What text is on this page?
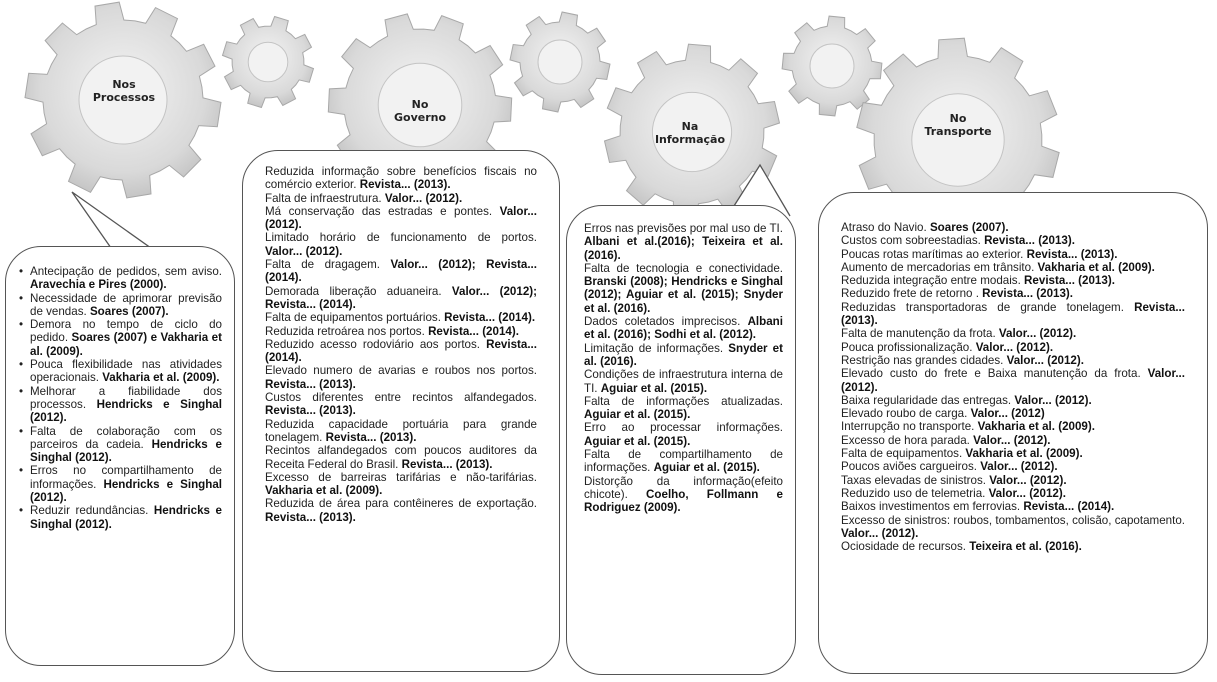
Nos
Processos
No
Governo
Na
Informação
No
Transporte
• Antecipação de pedidos, sem aviso. Aravechia e Pires (2000).
• Necessidade de aprimorar previsão de vendas. Soares (2007).
• Demora no tempo de ciclo do pedido. Soares (2007) e Vakharia et al. (2009).
• Pouca flexibilidade nas atividades operacionais. Vakharia et al. (2009).
• Melhorar a fiabilidade dos processos. Hendricks e Singhal (2012).
• Falta de colaboração com os parceiros da cadeia. Hendricks e Singhal (2012).
• Erros no compartilhamento de informações. Hendricks e Singhal (2012).
• Reduzir redundâncias. Hendricks e Singhal (2012).

Reduzida informação sobre benefícios fiscais no comércio exterior. Revista... (2013).

Falta de infraestrutura. Valor... (2012).

Má conservação das estradas e pontes. Valor... (2012).

Limitado horário de funcionamento de portos. Valor... (2012).

Falta de dragagem. Valor... (2012); Revista... (2014).

Demorada liberação aduaneira. Valor... (2012); Revista... (2014).

Falta de equipamentos portuários. Revista... (2014).

Reduzida retroárea nos portos. Revista... (2014).

Reduzido acesso rodoviário aos portos. Revista... (2014).

Elevado numero de avarias e roubos nos portos. Revista... (2013).

Custos diferentes entre recintos alfandegados. Revista... (2013).

Reduzida capacidade portuária para grande tonelagem. Revista... (2013).

Recintos alfandegados com poucos auditores da Receita Federal do Brasil. Revista... (2013).

Excesso de barreiras tarifárias e não-tarifárias. Vakharia et al. (2009).

Reduzida de área para contêineres de exportação. Revista... (2013).

Erros nas previsões por mal uso de TI. Albani et al.(2016); Teixeira et al. (2016).

Falta de tecnologia e conectividade. Branski (2008); Hendricks e Singhal (2012); Aguiar et al. (2015); Snyder et al. (2016).

Dados coletados imprecisos. Albani et al. (2016); Sodhi et al. (2012).

Limitação de informações. Snyder et al. (2016).

Condições de infraestrutura interna de TI. Aguiar et al. (2015).

Falta de informações atualizadas. Aguiar et al. (2015).

Erro ao processar informações. Aguiar et al. (2015).

Falta de compartilhamento de informações. Aguiar et al. (2015).

Distorção da informação(efeito chicote). Coelho, Follmann e Rodriguez (2009).

Atraso do Navio. Soares (2007).

Custos com sobreestadias. Revista... (2013).

Poucas rotas marítimas ao exterior. Revista... (2013).

Aumento de mercadorias em trânsito. Vakharia et al. (2009).

Reduzida integração entre modais. Revista... (2013).

Reduzido frete de retorno . Revista... (2013).

Reduzidas transportadoras de grande tonelagem. Revista... (2013).

Falta de manutenção da frota. Valor... (2012).

Pouca profissionalização. Valor... (2012).

Restrição nas grandes cidades. Valor... (2012).

Elevado custo do frete e Baixa manutenção da frota. Valor... (2012).

Baixa regularidade das entregas. Valor... (2012).

Elevado roubo de carga. Valor... (2012)

Interrupção no transporte. Vakharia et al. (2009).

Excesso de hora parada. Valor... (2012).

Falta de equipamentos. Vakharia et al. (2009).

Poucos aviões cargueiros. Valor... (2012).

Taxas elevadas de sinistros. Valor... (2012).

Reduzido uso de telemetria. Valor... (2012).

Baixos investimentos em ferrovias. Revista... (2014).

Excesso de sinistros: roubos, tombamentos, colisão, capotamento. Valor... (2012).

Ociosidade de recursos. Teixeira et al. (2016).
